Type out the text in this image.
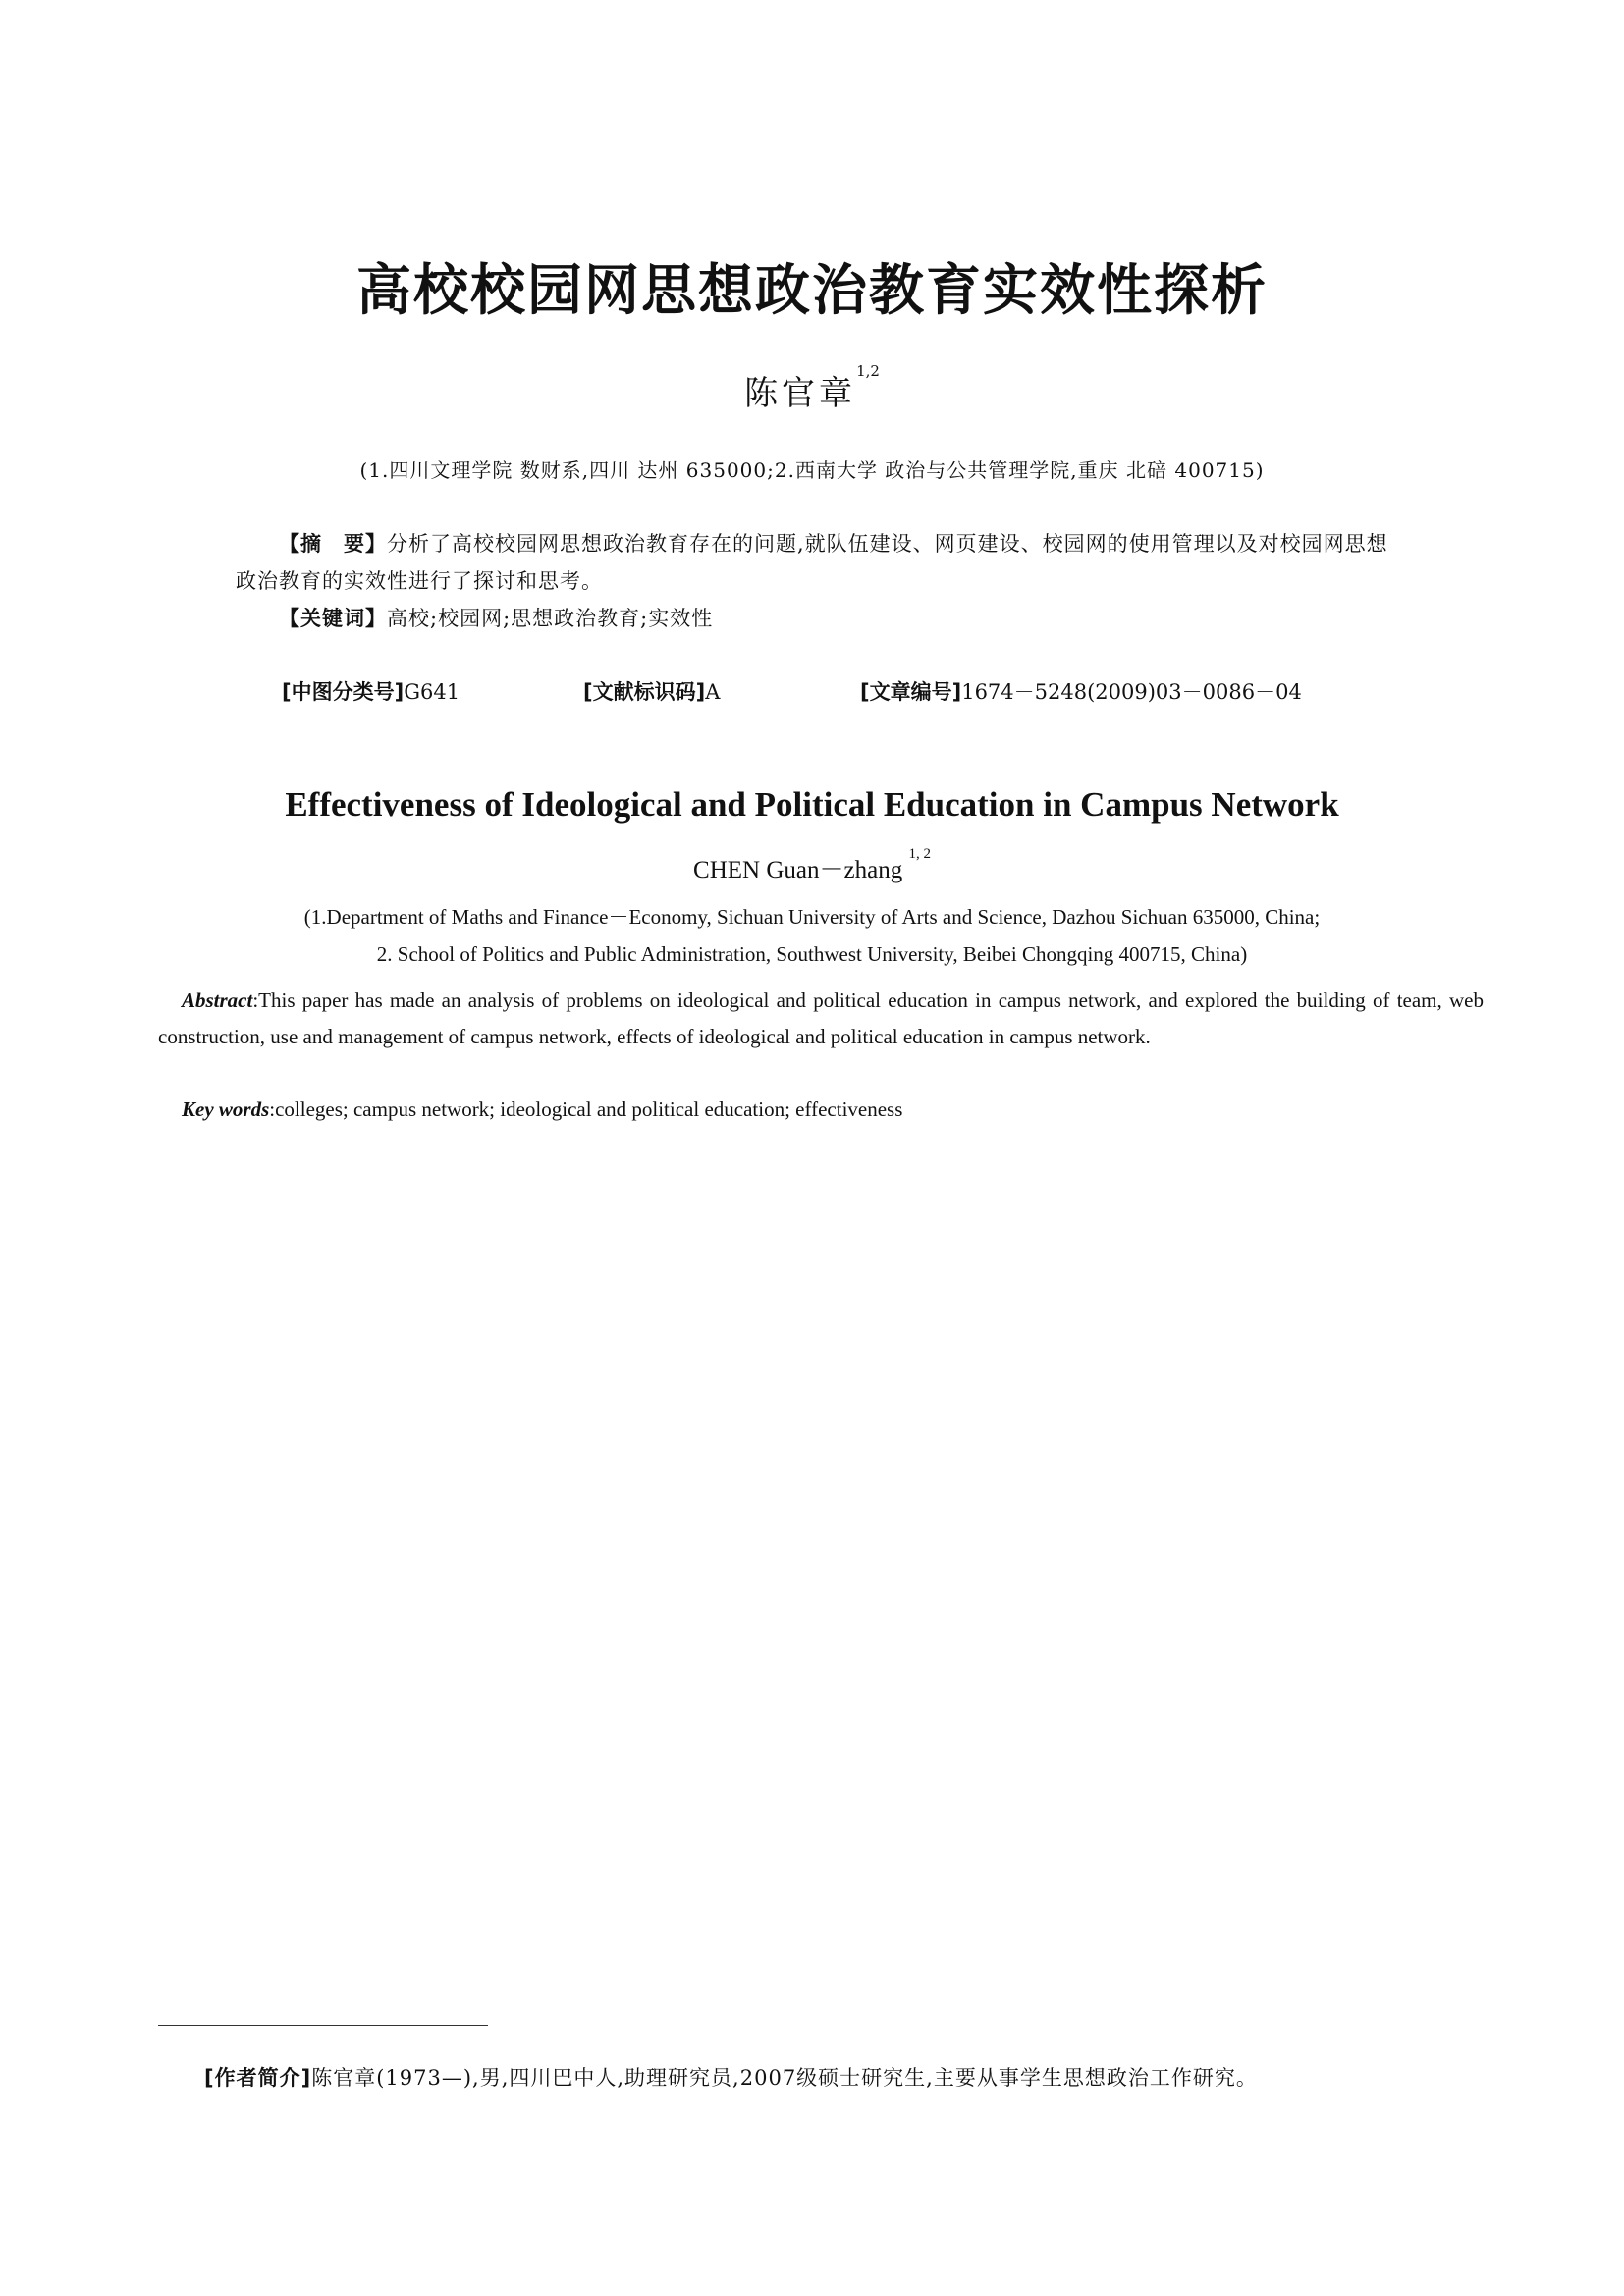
高校校园网思想政治教育实效性探析
陈官章$^{1,2}$
(1.四川文理学院 数财系,四川 达州 635000;2.西南大学 政治与公共管理学院,重庆 北碚 400715)
【摘　要】分析了高校校园网思想政治教育存在的问题,就队伍建设、网页建设、校园网的使用管理以及对校园网思想政治教育的实效性进行了探讨和思考。
【关键词】高校;校园网;思想政治教育;实效性
[中图分类号]G641	[文献标识码]A	[文章编号]1674－5248(2009)03－0086－04
Effectiveness of Ideological and Political Education in Campus Network
CHEN Guan－zhang $^{1, 2}$
(1.Department of Maths and Finance－Economy, Sichuan University of Arts and Science, Dazhou Sichuan 635000, China;
2. School of Politics and Public Administration, Southwest University, Beibei Chongqing 400715, China)
Abstract:This paper has made an analysis of problems on ideological and political education in campus network, and explored the building of team, web construction, use and management of campus network, effects of ideological and political education in campus network.
Key words:colleges; campus network; ideological and political education; effectiveness
[作者简介]陈官章(1973—),男,四川巴中人,助理研究员,2007级硕士研究生,主要从事学生思想政治工作研究。
